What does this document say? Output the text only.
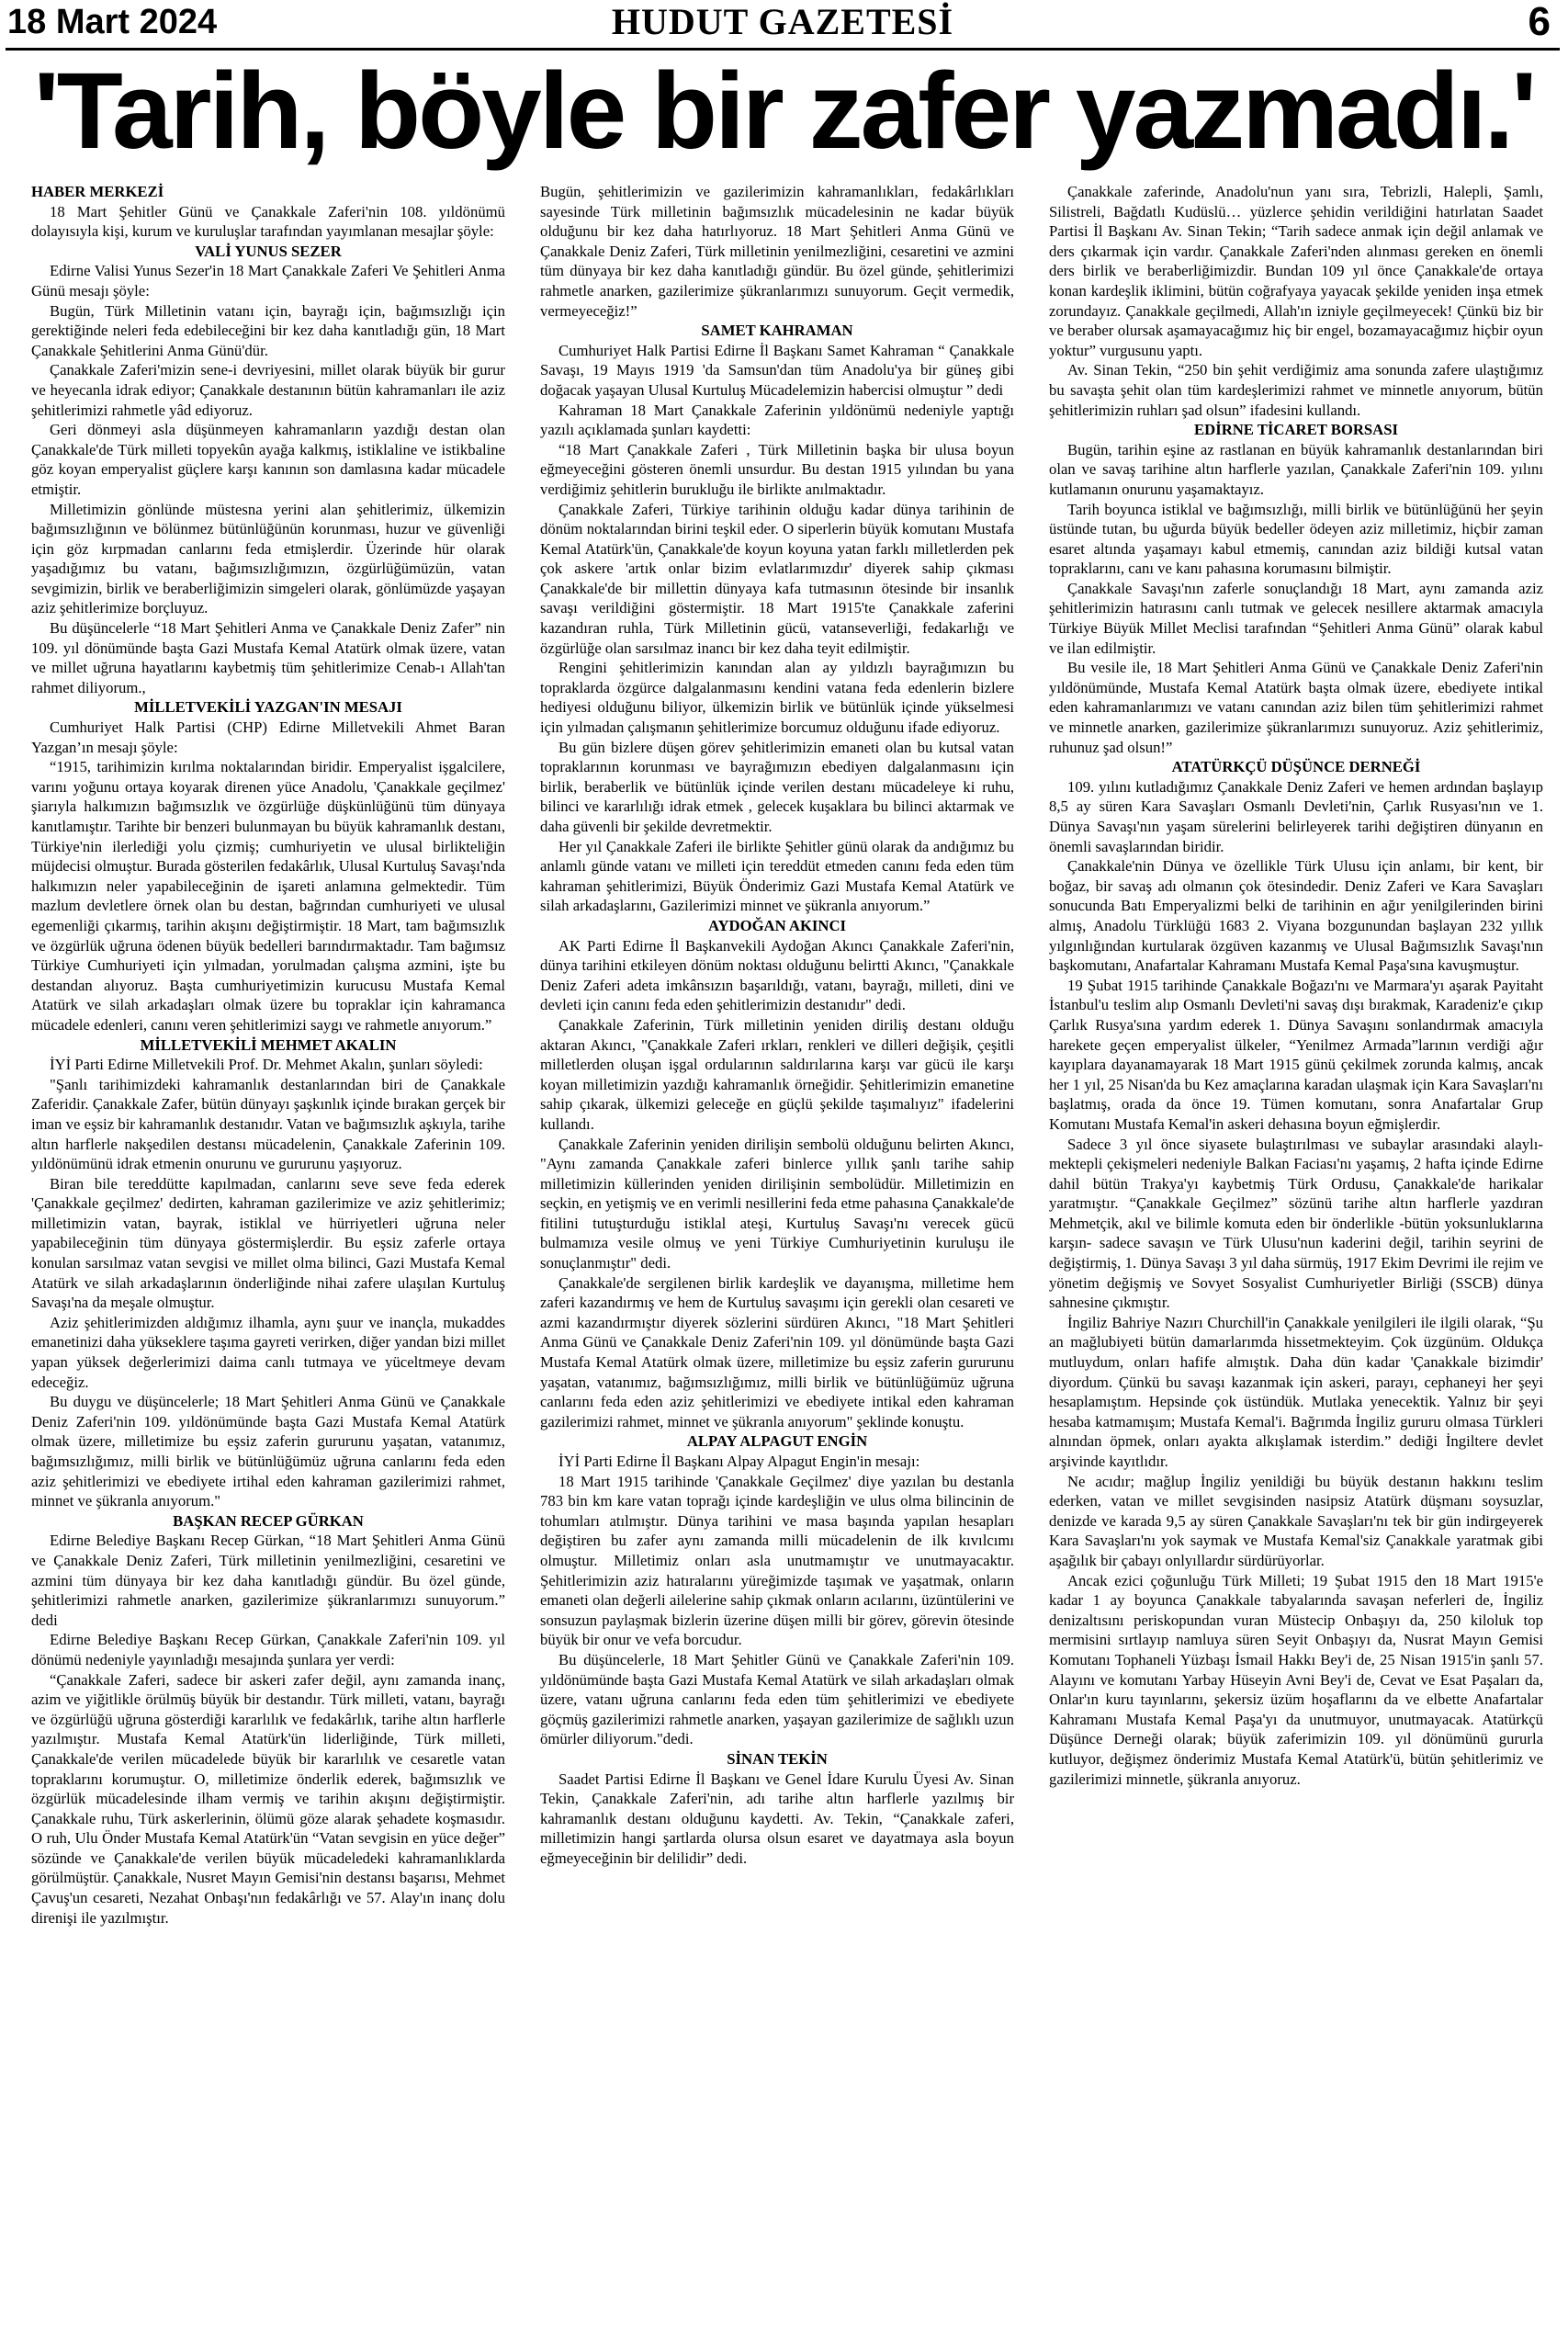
18 Mart 2024	HUDUT GAZETESİ	6
'Tarih, böyle bir zafer yazmadı.'
HABER MERKEZİ

18 Mart Şehitler Günü ve Çanakkale Zaferi'nin 108. yıldönümü dolayısıyla kişi, kurum ve kuruluşlar tarafından yayımlanan mesajlar şöyle:

VALİ YUNUS SEZER

Edirne Valisi Yunus Sezer'in 18 Mart Çanakkale Zaferi Ve Şehitleri Anma Günü mesajı şöyle:

Bugün, Türk Milletinin vatanı için, bayrağı için, bağımsızlığı için gerektiğinde neleri feda edebileceğini bir kez daha kanıtladığı gün, 18 Mart Çanakkale Şehitlerini Anma Günü'dür.

Çanakkale Zaferi'mizin sene-i devriyesini, millet olarak büyük bir gurur ve heyecanla idrak ediyor; Çanakkale destanının bütün kahramanları ile aziz şehitlerimizi rahmetle yâd ediyoruz.

Geri dönmeyi asla düşünmeyen kahramanların yazdığı destan olan Çanakkale'de Türk milleti topyekûn ayağa kalkmış, istiklaline ve istikbaline göz koyan emperyalist güçlere karşı kanının son damlasına kadar mücadele etmiştir.

Milletimizin gönlünde müstesna yerini alan şehitlerimiz, ülkemizin bağımsızlığının ve bölünmez bütünlüğünün korunması, huzur ve güvenliği için göz kırpmadan canlarını feda etmişlerdir. Üzerinde hür olarak yaşadığımız bu vatanı, bağımsızlığımızın, özgürlüğümüzün, vatan sevgimizin, birlik ve beraberliğimizin simgeleri olarak, gönlümüzde yaşayan aziz şehitlerimize borçluyuz.

Bu düşüncelerle “18 Mart Şehitleri Anma ve Çanakkale Deniz Zafer” nin 109. yıl dönümünde başta Gazi Mustafa Kemal Atatürk olmak üzere, vatan ve millet uğruna hayatlarını kaybetmiş tüm şehitlerimize Cenab-ı Allah'tan rahmet diliyorum.,

MİLLETVEKİLİ YAZGAN'IN MESAJI

Cumhuriyet Halk Partisi (CHP) Edirne Milletvekili Ahmet Baran Yazgan’ın mesajı şöyle:

“1915, tarihimizin kırılma noktalarından biridir. Emperyalist işgalcilere, varını yoğunu ortaya koyarak direnen yüce Anadolu, 'Çanakkale geçilmez' şiarıyla halkımızın bağımsızlık ve özgürlüğe düşkünlüğünü tüm dünyaya kanıtlamıştır. Tarihte bir benzeri bulunmayan bu büyük kahramanlık destanı, Türkiye'nin ilerlediği yolu çizmiş; cumhuriyetin ve ulusal birlikteliğin müjdecisi olmuştur. Burada gösterilen fedakârlık, Ulusal Kurtuluş Savaşı'nda halkımızın neler yapabileceğinin de işareti anlamına gelmektedir. Tüm mazlum devletlere örnek olan bu destan, bağrından cumhuriyeti ve ulusal egemenliği çıkarmış, tarihin akışını değiştirmiştir. 18 Mart, tam bağımsızlık ve özgürlük uğruna ödenen büyük bedelleri barındırmaktadır. Tam bağımsız Türkiye Cumhuriyeti için yılmadan, yorulmadan çalışma azmini, işte bu destandan alıyoruz. Başta cumhuriyetimizin kurucusu Mustafa Kemal Atatürk ve silah arkadaşları olmak üzere bu topraklar için kahramanca mücadele edenleri, canını veren şehitlerimizi saygı ve rahmetle anıyorum.”

MİLLETVEKİLİ MEHMET AKALIN

İYİ Parti Edirne Milletvekili Prof. Dr. Mehmet Akalın, şunları söyledi:

"Şanlı tarihimizdeki kahramanlık destanlarından biri de Çanakkale Zaferidir. Çanakkale Zafer, bütün dünyayı şaşkınlık içinde bırakan gerçek bir iman ve eşsiz bir kahramanlık destanıdır. Vatan ve bağımsızlık aşkıyla, tarihe altın harflerle nakşedilen destansı mücadelenin, Çanakkale Zaferinin 109. yıldönümünü idrak etmenin onurunu ve gururunu yaşıyoruz.

Biran bile tereddütte kapılmadan, canlarını seve seve feda ederek 'Çanakkale geçilmez' dedirten, kahraman gazilerimize ve aziz şehitlerimiz; milletimizin vatan, bayrak, istiklal ve hürriyetleri uğruna neler yapabileceğinin tüm dünyaya göstermişlerdir. Bu eşsiz zaferle ortaya konulan sarsılmaz vatan sevgisi ve millet olma bilinci, Gazi Mustafa Kemal Atatürk ve silah arkadaşlarının önderliğinde nihai zafere ulaşılan Kurtuluş Savaşı'na da meşale olmuştur.

Aziz şehitlerimizden aldığımız ilhamla, aynı şuur ve inançla, mukaddes emanetinizi daha yükseklere taşıma gayreti verirken, diğer yandan bizi millet yapan yüksek değerlerimizi daima canlı tutmaya ve yüceltmeye devam edeceğiz.

Bu duygu ve düşüncelerle; 18 Mart Şehitleri Anma Günü ve Çanakkale Deniz Zaferi'nin 109. yıldönümünde başta Gazi Mustafa Kemal Atatürk olmak üzere, milletimize bu eşsiz zaferin gururunu yaşatan, vatanımız, bağımsızlığımız, milli birlik ve bütünlüğümüz uğruna canlarını feda eden aziz şehitlerimizi ve ebediyete irtihal eden kahraman gazilerimizi rahmet, minnet ve şükranla anıyorum."

BAŞKAN RECEP GÜRKAN

Edirne Belediye Başkanı Recep Gürkan, “18 Mart Şehitleri Anma Günü ve Çanakkale Deniz Zaferi, Türk milletinin yenilmezliğini, cesaretini ve azmini tüm dünyaya bir kez daha kanıtladığı gündür. Bu özel günde, şehitlerimizi rahmetle anarken, gazilerimize şükranlarımızı sunuyorum.” dedi

Edirne Belediye Başkanı Recep Gürkan, Çanakkale Zaferi'nin 109. yıl dönümü nedeniyle yayınladığı mesajında şunlara yer verdi:

“Çanakkale Zaferi, sadece bir askeri zafer değil, aynı zamanda inanç, azim ve yiğitlikle örülmüş büyük bir destandır. Türk milleti, vatanı, bayrağı ve özgürlüğü uğruna gösterdiği kararlılık ve fedakârlık, tarihe altın harflerle yazılmıştır. Mustafa Kemal Atatürk'ün liderliğinde, Türk milleti, Çanakkale'de verilen mücadelede büyük bir kararlılık ve cesaretle vatan topraklarını korumuştur. O, milletimize önderlik ederek, bağımsızlık ve özgürlük mücadelesinde ilham vermiş ve tarihin akışını değiştirmiştir. Çanakkale ruhu, Türk askerlerinin, ölümü göze alarak şehadete koşmasıdır. O ruh, Ulu Önder Mustafa Kemal Atatürk'ün “Vatan sevgisin en yüce değer” sözünde ve Çanakkale'de verilen büyük mücadeledeki kahramanlıklarda görülmüştür. Çanakkale, Nusret Mayın Gemisi'nin destansı başarısı, Mehmet Çavuş'un cesareti, Nezahat Onbaşı'nın fedakârlığı ve 57. Alay'ın inanç dolu direnişi ile yazılmıştır.

Bugün, şehitlerimizin ve gazilerimizin kahramanlıkları, fedakârlıkları sayesinde Türk milletinin bağımsızlık mücadelesinin ne kadar büyük olduğunu bir kez daha hatırlıyoruz. 18 Mart Şehitleri Anma Günü ve Çanakkale Deniz Zaferi, Türk milletinin yenilmezliğini, cesaretini ve azmini tüm dünyaya bir kez daha kanıtladığı gündür. Bu özel günde, şehitlerimizi rahmetle anarken, gazilerimize şükranlarımızı sunuyorum. Geçit vermedik, vermeyeceğiz!”

SAMET KAHRAMAN

Cumhuriyet Halk Partisi Edirne İl Başkanı Samet Kahraman “ Çanakkale Savaşı, 19 Mayıs 1919 'da Samsun'dan tüm Anadolu'ya bir güneş gibi doğacak yaşayan Ulusal Kurtuluş Mücadelemizin habercisi olmuştur ” dedi

Kahraman 18 Mart Çanakkale Zaferinin yıldönümü nedeniyle yaptığı yazılı açıklamada şunları kaydetti:

“18 Mart Çanakkale Zaferi , Türk Milletinin başka bir ulusa boyun eğmeyeceğini gösteren önemli unsurdur. Bu destan 1915 yılından bu yana verdiğimiz şehitlerin burukluğu ile birlikte anılmaktadır.

Çanakkale Zaferi, Türkiye tarihinin olduğu kadar dünya tarihinin de dönüm noktalarından birini teşkil eder. O siperlerin büyük komutanı Mustafa Kemal Atatürk'ün, Çanakkale'de koyun koyuna yatan farklı milletlerden pek çok askere 'artık onlar bizim evlatlarımızdır' diyerek sahip çıkması Çanakkale'de bir millettin dünyaya kafa tutmasının ötesinde bir insanlık savaşı verildiğini göstermiştir. 18 Mart 1915'te Çanakkale zaferini kazandıran ruhla, Türk Milletinin gücü, vatanseverliği, fedakarlığı ve özgürlüğe olan sarsılmaz inancı bir kez daha teyit edilmiştir.

Rengini şehitlerimizin kanından alan ay yıldızlı bayrağımızın bu topraklarda özgürce dalgalanmasını kendini vatana feda edenlerin bizlere hediyesi olduğunu biliyor, ülkemizin birlik ve bütünlük içinde yükselmesi için yılmadan çalışmanın şehitlerimize borcumuz olduğunu ifade ediyoruz.

Bu gün bizlere düşen görev şehitlerimizin emaneti olan bu kutsal vatan topraklarının korunması ve bayrağımızın ebediyen dalgalanmasını için birlik, beraberlik ve bütünlük içinde verilen destanı mücadeleye ki ruhu, bilinci ve kararlılığı idrak etmek , gelecek kuşaklara bu bilinci aktarmak ve daha güvenli bir şekilde devretmektir.

Her yıl Çanakkale Zaferi ile birlikte Şehitler günü olarak da andığımız bu anlamlı günde vatanı ve milleti için tereddüt etmeden canını feda eden tüm kahraman şehitlerimizi, Büyük Önderimiz Gazi Mustafa Kemal Atatürk ve silah arkadaşlarını, Gazilerimizi minnet ve şükranla anıyorum.”

AYDOĞAN AKINCI

AK Parti Edirne İl Başkanvekili Aydoğan Akıncı Çanakkale Zaferi'nin, dünya tarihini etkileyen dönüm noktası olduğunu belirtti Akıncı, "Çanakkale Deniz Zaferi adeta imkânsızın başarıldığı, vatanı, bayrağı, milleti, dini ve devleti için canını feda eden şehitlerimizin destanıdır" dedi.

Çanakkale Zaferinin, Türk milletinin yeniden diriliş destanı olduğu aktaran Akıncı, "Çanakkale Zaferi ırkları, renkleri ve dilleri değişik, çeşitli milletlerden oluşan işgal ordularının saldırılarına karşı var gücü ile karşı koyan milletimizin yazdığı kahramanlık örneğidir. Şehitlerimizin emanetine sahip çıkarak, ülkemizi geleceğe en güçlü şekilde taşımalıyız" ifadelerini kullandı.

Çanakkale Zaferinin yeniden dirilişin sembolü olduğunu belirten Akıncı, "Aynı zamanda Çanakkale zaferi binlerce yıllık şanlı tarihe sahip milletimizin küllerinden yeniden dirilişinin sembolüdür. Milletimizin en seçkin, en yetişmiş ve en verimli nesillerini feda etme pahasına Çanakkale'de fitilini tutuşturduğu istiklal ateşi, Kurtuluş Savaşı'nı verecek gücü bulmamıza vesile olmuş ve yeni Türkiye Cumhuriyetinin kuruluşu ile sonuçlanmıştır" dedi.

Çanakkale'de sergilenen birlik kardeşlik ve dayanışma, milletime hem zaferi kazandırmış ve hem de Kurtuluş savaşımı için gerekli olan cesareti ve azmi kazandırmıştır diyerek sözlerini sürdüren Akıncı, "18 Mart Şehitleri Anma Günü ve Çanakkale Deniz Zaferi'nin 109. yıl dönümünde başta Gazi Mustafa Kemal Atatürk olmak üzere, milletimize bu eşsiz zaferin gururunu yaşatan, vatanımız, bağımsızlığımız, milli birlik ve bütünlüğümüz uğruna canlarını feda eden aziz şehitlerimizi ve ebediyete intikal eden kahraman gazilerimizi rahmet, minnet ve şükranla anıyorum" şeklinde konuştu.

ALPAY ALPAGUT ENGİN

İYİ Parti Edirne İl Başkanı Alpay Alpagut Engin'in mesajı:

18 Mart 1915 tarihinde 'Çanakkale Geçilmez' diye yazılan bu destanla 783 bin km kare vatan toprağı içinde kardeşliğin ve ulus olma bilincinin de tohumları atılmıştır. Dünya tarihini ve masa başında yapılan hesapları değiştiren bu zafer aynı zamanda milli mücadelenin de ilk kıvılcımı olmuştur. Milletimiz onları asla unutmamıştır ve unutmayacaktır. Şehitlerimizin aziz hatıralarını yüreğimizde taşımak ve yaşatmak, onların emaneti olan değerli ailelerine sahip çıkmak onların acılarını, üzüntülerini ve sonsuzun paylaşmak bizlerin üzerine düşen milli bir görev, görevin ötesinde büyük bir onur ve vefa borcudur.

Bu düşüncelerle, 18 Mart Şehitler Günü ve Çanakkale Zaferi'nin 109. yıldönümünde başta Gazi Mustafa Kemal Atatürk ve silah arkadaşları olmak üzere, vatanı uğruna canlarını feda eden tüm şehitlerimizi ve ebediyete göçmüş gazilerimizi rahmetle anarken, yaşayan gazilerimize de sağlıklı uzun ömürler diliyorum."dedi.

SİNAN TEKİN

Saadet Partisi Edirne İl Başkanı ve Genel İdare Kurulu Üyesi Av. Sinan Tekin, Çanakkale Zaferi'nin, adı tarihe altın harflerle yazılmış bir kahramanlık destanı olduğunu kaydetti. Av. Tekin, “Çanakkale zaferi, milletimizin hangi şartlarda olursa olsun esaret ve dayatmaya asla boyun eğmeyeceğinin bir delilidir” dedi.

Çanakkale zaferinde, Anadolu'nun yanı sıra, Tebrizli, Halepli, Şamlı, Silistreli, Bağdatlı Kudüslü… yüzlerce şehidin verildiğini hatırlatan Saadet Partisi İl Başkanı Av. Sinan Tekin; “Tarih sadece anmak için değil anlamak ve ders çıkarmak için vardır. Çanakkale Zaferi'nden alınması gereken en önemli ders birlik ve beraberliğimizdir. Bundan 109 yıl önce Çanakkale'de ortaya konan kardeşlik iklimini, bütün coğrafyaya yayacak şekilde yeniden inşa etmek zorundayız. Çanakkale geçilmedi, Allah'ın izniyle geçilmeyecek! Çünkü biz bir ve beraber olursak aşamayacağımız hiç bir engel, bozamayacağımız hiçbir oyun yoktur” vurgusunu yaptı.

Av. Sinan Tekin, “250 bin şehit verdiğimiz ama sonunda zafere ulaştığımız bu savaşta şehit olan tüm kardeşlerimizi rahmet ve minnetle anıyorum, bütün şehitlerimizin ruhları şad olsun” ifadesini kullandı.

EDİRNE TİCARET BORSASI

Bugün, tarihin eşine az rastlanan en büyük kahramanlık destanlarından biri olan ve savaş tarihine altın harflerle yazılan, Çanakkale Zaferi'nin 109. yılını kutlamanın onurunu yaşamaktayız.

Tarih boyunca istiklal ve bağımsızlığı, milli birlik ve bütünlüğünü her şeyin üstünde tutan, bu uğurda büyük bedeller ödeyen aziz milletimiz, hiçbir zaman esaret altında yaşamayı kabul etmemiş, canından aziz bildiği kutsal vatan topraklarını, canı ve kanı pahasına korumasını bilmiştir.

Çanakkale Savaşı'nın zaferle sonuçlandığı 18 Mart, aynı zamanda aziz şehitlerimizin hatırasını canlı tutmak ve gelecek nesillere aktarmak amacıyla Türkiye Büyük Millet Meclisi tarafından “Şehitleri Anma Günü” olarak kabul ve ilan edilmiştir.

Bu vesile ile, 18 Mart Şehitleri Anma Günü ve Çanakkale Deniz Zaferi'nin yıldönümünde, Mustafa Kemal Atatürk başta olmak üzere, ebediyete intikal eden kahramanlarımızı ve vatanı canından aziz bilen tüm şehitlerimizi rahmet ve minnetle anarken, gazilerimize şükranlarımızı sunuyoruz. Aziz şehitlerimiz, ruhunuz şad olsun!”

ATATÜRKÇÜ DÜŞÜNCE DERNEĞİ

109. yılını kutladığımız Çanakkale Deniz Zaferi ve hemen ardından başlayıp 8,5 ay süren Kara Savaşları Osmanlı Devleti'nin, Çarlık Rusyası'nın ve 1. Dünya Savaşı'nın yaşam sürelerini belirleyerek tarihi değiştiren dünyanın en önemli savaşlarından biridir.

Çanakkale'nin Dünya ve özellikle Türk Ulusu için anlamı, bir kent, bir boğaz, bir savaş adı olmanın çok ötesindedir. Deniz Zaferi ve Kara Savaşları sonucunda Batı Emperyalizmi belki de tarihinin en ağır yenilgilerinden birini almış, Anadolu Türklüğü 1683 2. Viyana bozgunundan başlayan 232 yıllık yılgınlığından kurtularak özgüven kazanmış ve Ulusal Bağımsızlık Savaşı'nın başkomutanı, Anafartalar Kahramanı Mustafa Kemal Paşa'sına kavuşmuştur.

19 Şubat 1915 tarihinde Çanakkale Boğazı'nı ve Marmara'yı aşarak Payitaht İstanbul'u teslim alıp Osmanlı Devleti'ni savaş dışı bırakmak, Karadeniz'e çıkıp Çarlık Rusya'sına yardım ederek 1. Dünya Savaşını sonlandırmak amacıyla harekete geçen emperyalist ülkeler, “Yenilmez Armada”larının verdiği ağır kayıplara dayanamayarak 18 Mart 1915 günü çekilmek zorunda kalmış, ancak her 1 yıl, 25 Nisan'da bu Kez amaçlarına karadan ulaşmak için Kara Savaşları'nı başlatmış, orada da önce 19. Tümen komutanı, sonra Anafartalar Grup Komutanı Mustafa Kemal'in askeri dehasına boyun eğmişlerdir.

Sadece 3 yıl önce siyasete bulaştırılması ve subaylar arasındaki alaylı-mektepli çekişmeleri nedeniyle Balkan Faciası'nı yaşamış, 2 hafta içinde Edirne dahil bütün Trakya'yı kaybetmiş Türk Ordusu, Çanakkale'de harikalar yaratmıştır. “Çanakkale Geçilmez” sözünü tarihe altın harflerle yazdıran Mehmetçik, akıl ve bilimle komuta eden bir önderlikle -bütün yoksunluklarına karşın- sadece savaşın ve Türk Ulusu'nun kaderini değil, tarihin seyrini de değiştirmiş, 1. Dünya Savaşı 3 yıl daha sürmüş, 1917 Ekim Devrimi ile rejim ve yönetim değişmiş ve Sovyet Sosyalist Cumhuriyetler Birliği (SSCB) dünya sahnesine çıkmıştır.

İngiliz Bahriye Nazırı Churchill'in Çanakkale yenilgileri ile ilgili olarak, “Şu an mağlubiyeti bütün damarlarımda hissetmekteyim. Çok üzgünüm. Oldukça mutluydum, onları hafife almıştık. Daha dün kadar 'Çanakkale bizimdir' diyordum. Çünkü bu savaşı kazanmak için askeri, parayı, cephaneyi her şeyi hesaplamıştım. Hepsinde çok üstündük. Mutlaka yenecektik. Yalnız bir şeyi hesaba katmamışım; Mustafa Kemal'i. Bağrımda İngiliz gururu olmasa Türkleri alnından öpmek, onları ayakta alkışlamak isterdim.” dediği İngiltere devlet arşivinde kayıtlıdır.

Ne acıdır; mağlup İngiliz yenildiği bu büyük destanın hakkını teslim ederken, vatan ve millet sevgisinden nasipsiz Atatürk düşmanı soysuzlar, denizde ve karada 9,5 ay süren Çanakkale Savaşları'nı tek bir gün indirgeyerek Kara Savaşları'nı yok saymak ve Mustafa Kemal'siz Çanakkale yaratmak gibi aşağılık bir çabayı onlyıllardır sürdürüyorlar.

Ancak ezici çoğunluğu Türk Milleti; 19 Şubat 1915 den 18 Mart 1915'e kadar 1 ay boyunca Çanakkale tabyalarında savaşan neferleri de, İngiliz denizaltısını periskopundan vuran Müstecip Onbaşıyı da, 250 kiloluk top mermisini sırtlayıp namluya süren Seyit Onbaşıyı da, Nusrat Mayın Gemisi Komutanı Tophaneli Yüzbaşı İsmail Hakkı Bey'i de, 25 Nisan 1915'in şanlı 57. Alayını ve komutanı Yarbay Hüseyin Avni Bey'i de, Cevat ve Esat Paşaları da, Onlar'ın kuru tayınlarını, şekersiz üzüm hoşaflarını da ve elbette Anafartalar Kahramanı Mustafa Kemal Paşa'yı da unutmuyor, unutmayacak. Atatürkçü Düşünce Derneği olarak; büyük zaferimizin 109. yıl dönümünü gururla kutluyor, değişmez önderimiz Mustafa Kemal Atatürk'ü, bütün şehitlerimiz ve gazilerimizi minnetle, şükranla anıyoruz.
